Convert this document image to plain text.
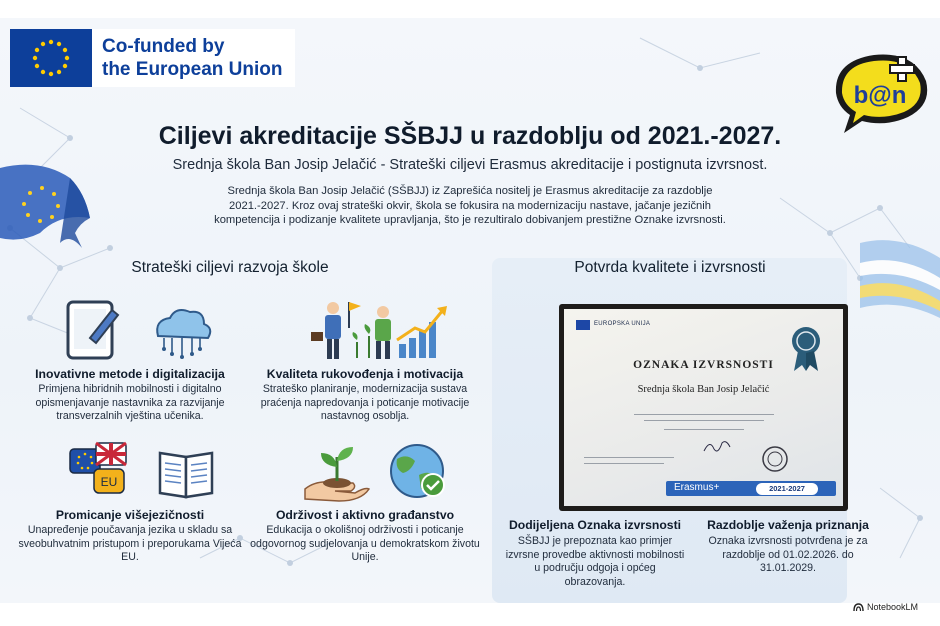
Co-funded by
the European Union
b@n
Ciljevi akreditacije SŠBJJ u razdoblju od 2021.-2027.
Srednja škola Ban Josip Jelačić - Strateški ciljevi Erasmus akreditacije i postignuta izvrsnost.
Srednja škola Ban Josip Jelačić (SŠBJJ) iz Zaprešića nositelj je Erasmus akreditacije za razdoblje 2021.-2027. Kroz ovaj strateški okvir, škola se fokusira na modernizaciju nastave, jačanje jezičnih kompetencija i podizanje kvalitete upravljanja, što je rezultiralo dobivanjem prestižne Oznake izvrsnosti.
Strateški ciljevi razvoja škole
Inovativne metode i digitalizacija

Primjena hibridnih mobilnosti i digitalno opismenjavanje nastavnika za razvijanje transverzalnih vještina učenika.

Kvaliteta rukovođenja i motivacija

Strateško planiranje, modernizacija sustava praćenja napredovanja i poticanje motivacije nastavnog osoblja.

EU
Promicanje višejezičnosti

Unapređenje poučavanja jezika u skladu sa sveobuhvatnim pristupom i preporukama Vijeća EU.

Održivost i aktivno građanstvo

Edukacija o okolišnoj održivosti i poticanje odgovornog sudjelovanja u demokratskom životu Unije.

Potvrda kvalitete i izvrsnosti
EUROPSKA UNIJA
OZNAKA IZVRSNOSTI
Srednja škola Ban Josip Jelačić
Erasmus+	2021-2027
Dodijeljena Oznaka izvrsnosti

SŠBJJ je prepoznata kao primjer izvrsne provedbe aktivnosti mobilnosti u području odgoja i općeg obrazovanja.

Razdoblje važenja priznanja

Oznaka izvrsnosti potvrđena je za razdoblje od 01.02.2026. do 31.01.2029.

NotebookLM
